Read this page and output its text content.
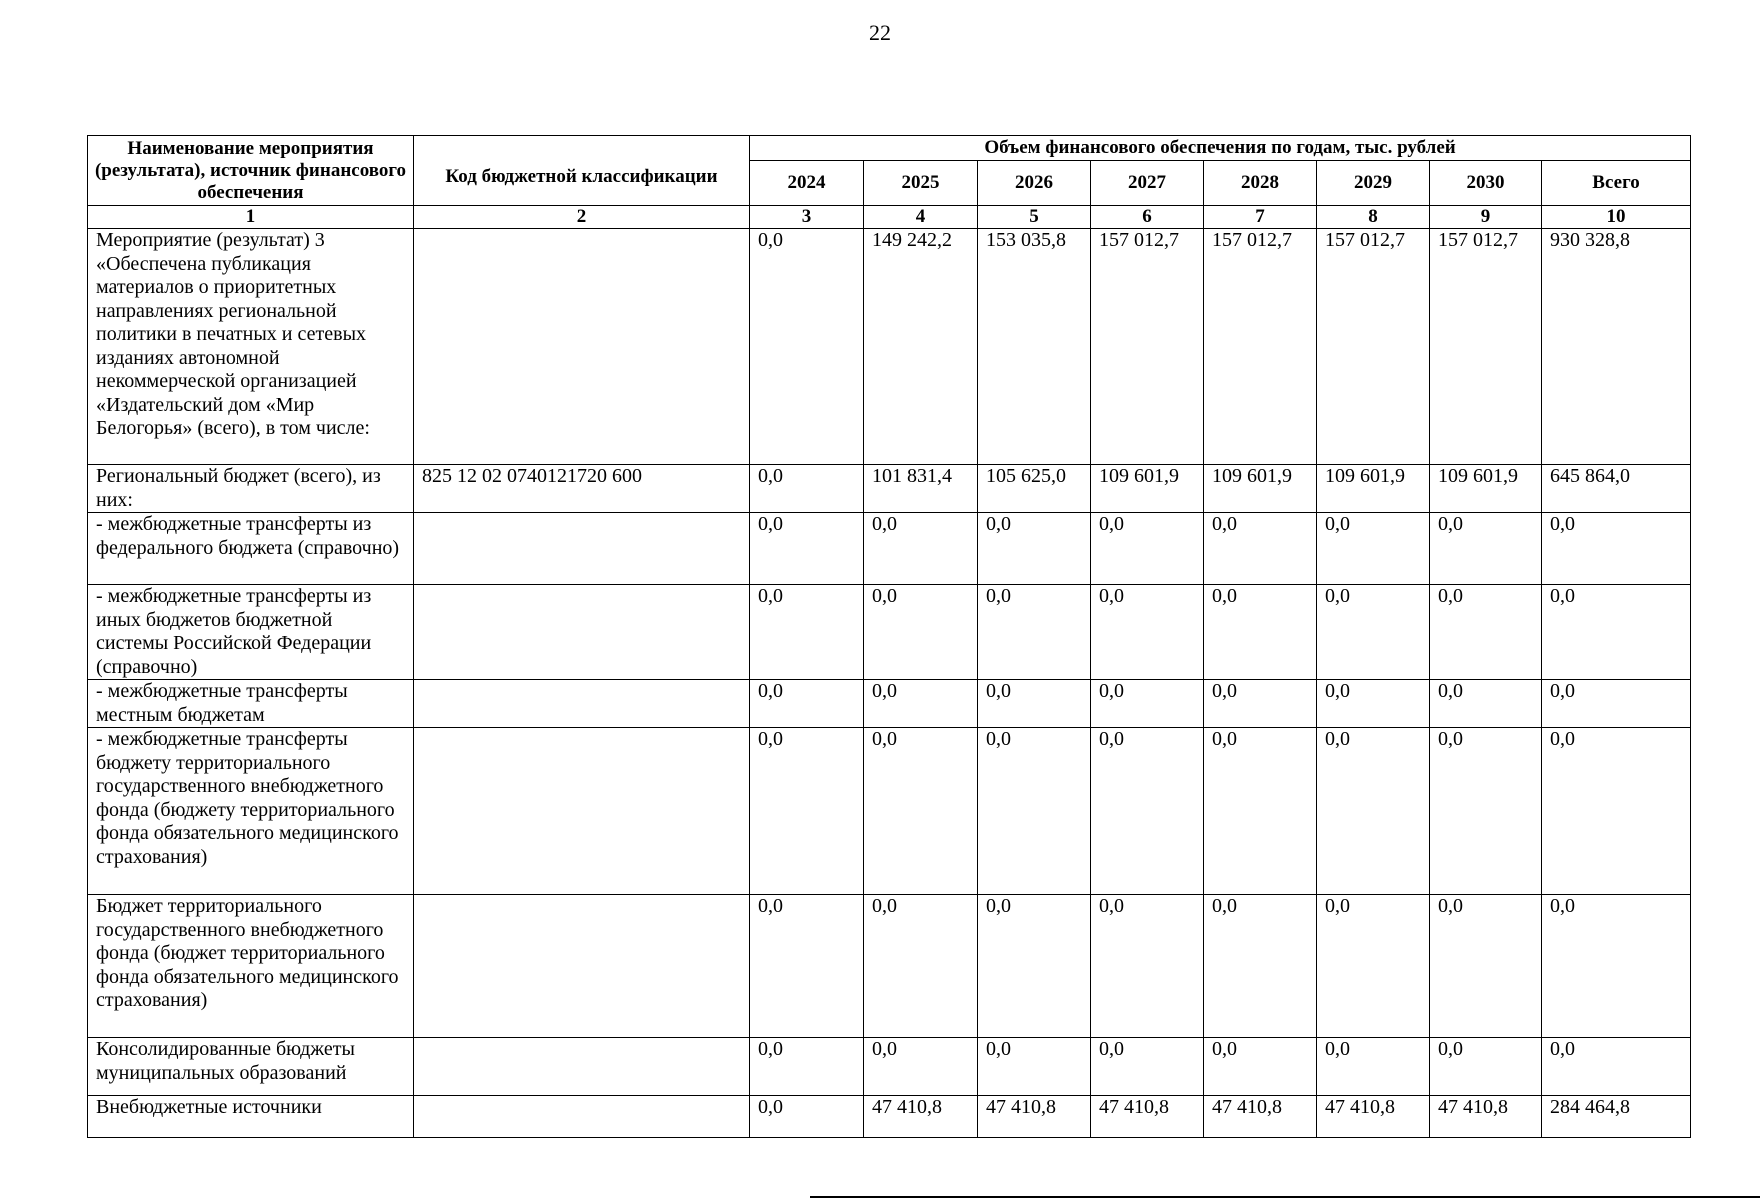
22
Наименование мероприятия (результата), источник финансового обеспечения	Код бюджетной классификации	Объем финансового обеспечения по годам, тыс. рублей							
		2024	2025	2026	2027	2028	2029	2030	Всего
1	2	3	4	5	6	7	8	9	10
Мероприятие (результат) 3 «Обеспечена публикация материалов о приоритетных направлениях региональной политики в печатных и сетевых изданиях автономной некоммерческой организацией «Издательский дом «Мир Белогорья» (всего), в том числе:		0,0	149 242,2	153 035,8	157 012,7	157 012,7	157 012,7	157 012,7	930 328,8
Региональный бюджет (всего), из них:	825 12 02 0740121720 600	0,0	101 831,4	105 625,0	109 601,9	109 601,9	109 601,9	109 601,9	645 864,0
- межбюджетные трансферты из федерального бюджета (справочно)		0,0	0,0	0,0	0,0	0,0	0,0	0,0	0,0
- межбюджетные трансферты из иных бюджетов бюджетной системы Российской Федерации (справочно)		0,0	0,0	0,0	0,0	0,0	0,0	0,0	0,0
- межбюджетные трансферты местным бюджетам		0,0	0,0	0,0	0,0	0,0	0,0	0,0	0,0
- межбюджетные трансферты бюджету территориального государственного внебюджетного фонда (бюджету территориального фонда обязательного медицинского страхования)		0,0	0,0	0,0	0,0	0,0	0,0	0,0	0,0
Бюджет территориального государственного внебюджетного фонда (бюджет территориального фонда обязательного медицинского страхования)		0,0	0,0	0,0	0,0	0,0	0,0	0,0	0,0
Консолидированные бюджеты муниципальных образований		0,0	0,0	0,0	0,0	0,0	0,0	0,0	0,0
Внебюджетные источники		0,0	47 410,8	47 410,8	47 410,8	47 410,8	47 410,8	47 410,8	284 464,8
